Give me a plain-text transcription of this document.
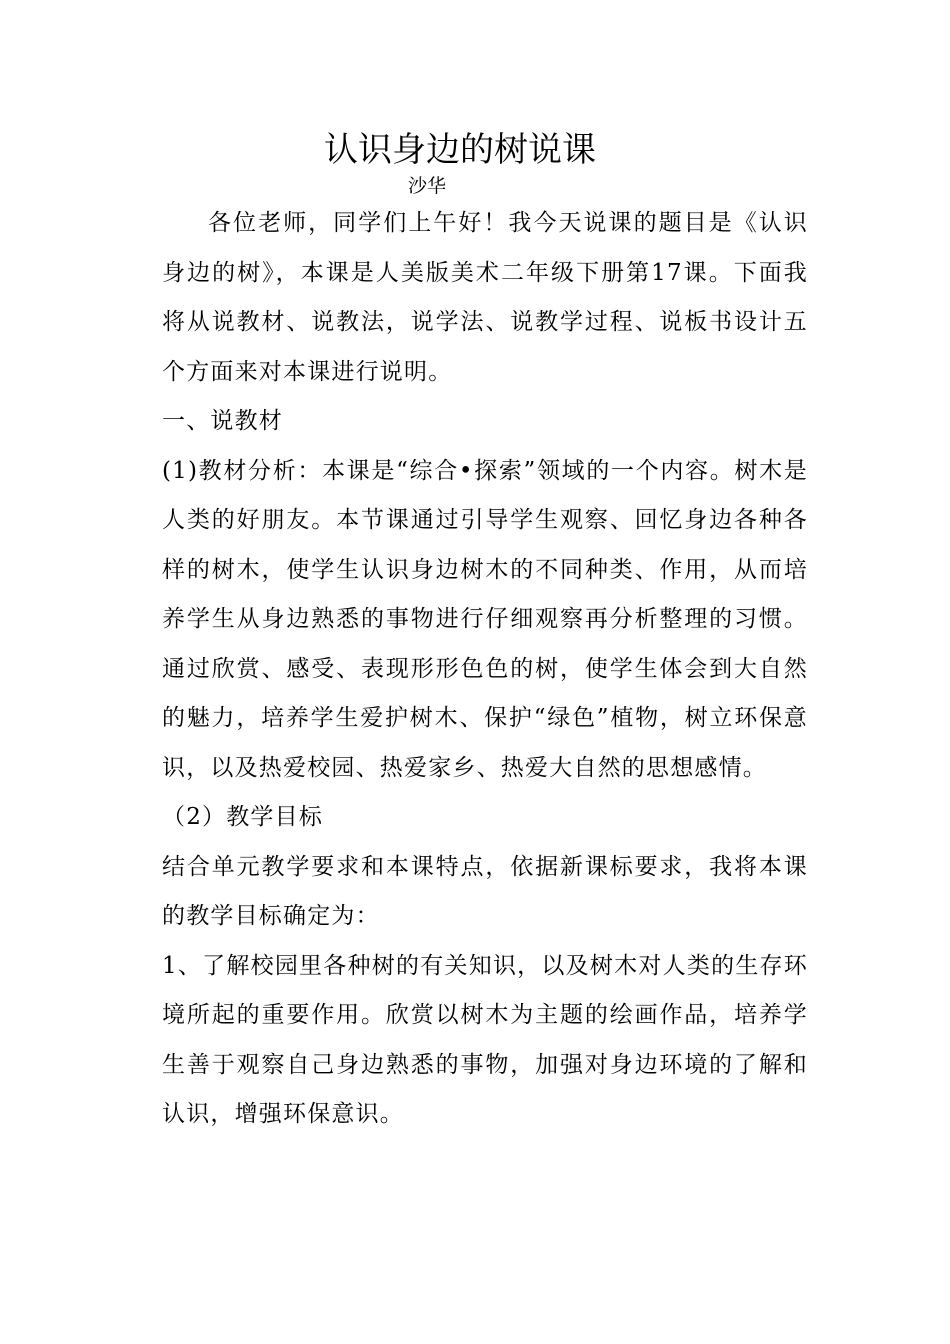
认识身边的树说课
沙华

各位老师，同学们上午好！我今天说课的题目是《认识身边的树》，本课是人美版美术二年级下册第17课。下面我将从说教材、说教法，说学法、说教学过程、说板书设计五个方面来对本课进行说明。

一、说教材

(1)教材分析：本课是“综合•探索”领域的一个内容。树木是人类的好朋友。本节课通过引导学生观察、回忆身边各种各样的树木，使学生认识身边树木的不同种类、作用，从而培养学生从身边熟悉的事物进行仔细观察再分析整理的习惯。通过欣赏、感受、表现形形色色的树，使学生体会到大自然的魅力，培养学生爱护树木、保护“绿色”植物，树立环保意识，以及热爱校园、热爱家乡、热爱大自然的思想感情。

（2）教学目标

结合单元教学要求和本课特点，依据新课标要求，我将本课的教学目标确定为：

1、了解校园里各种树的有关知识，以及树木对人类的生存环境所起的重要作用。欣赏以树木为主题的绘画作品，培养学生善于观察自己身边熟悉的事物，加强对身边环境的了解和认识，增强环保意识。
